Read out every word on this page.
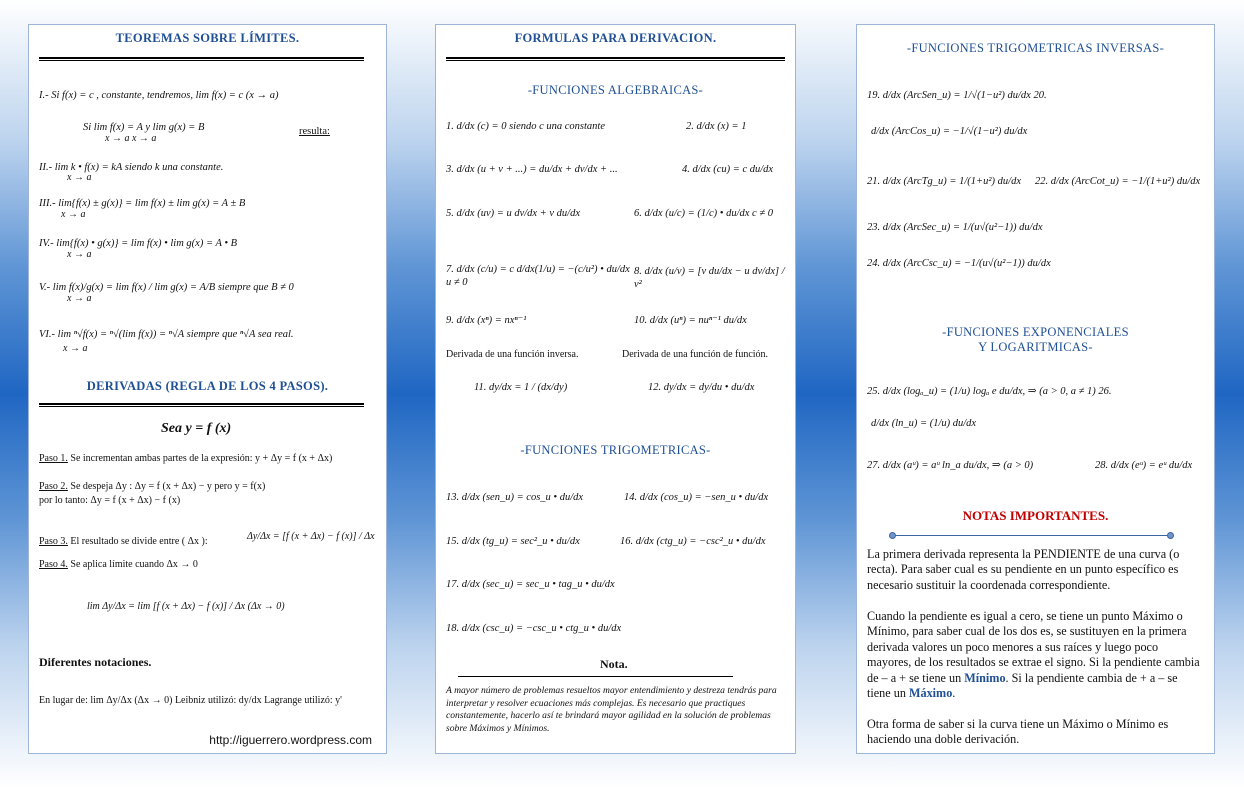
TEOREMAS SOBRE LÍMITES.
I.- Si f(x) = c , constante, tendremos, lim f(x) = c (x → a)
Si lim f(x) = A y lim g(x) = B
x → a x → a
resulta:
II.- lim k • f(x) = kA siendo k una constante.
x → a
III.- lim{f(x) ± g(x)} = lim f(x) ± lim g(x) = A ± B
x → a
IV.- lim{f(x) • g(x)} = lim f(x) • lim g(x) = A • B
x → a
V.- lim f(x)/g(x) = lim f(x) / lim g(x) = A/B siempre que B ≠ 0
x → a
VI.- lim ⁿ√f(x) = ⁿ√(lim f(x)) = ⁿ√A siempre que ⁿ√A sea real.
x → a
DERIVADAS (REGLA DE LOS 4 PASOS).
Sea y = f (x)
Paso 1. Se incrementan ambas partes de la expresión: y + Δy = f (x + Δx)
Paso 2. Se despeja Δy : Δy = f (x + Δx) − y pero y = f(x)
por lo tanto: Δy = f (x + Δx) − f (x)
Paso 3. El resultado se divide entre ( Δx ):	Δy/Δx = [f (x + Δx) − f (x)] / Δx
Paso 4. Se aplica límite cuando Δx → 0
lim Δy/Δx = lim [f (x + Δx) − f (x)] / Δx (Δx → 0)
Diferentes notaciones.
En lugar de: lim Δy/Δx (Δx → 0) Leibniz utilizó: dy/dx Lagrange utilizó: y'
http://iguerrero.wordpress.com
FORMULAS PARA DERIVACION.
-FUNCIONES ALGEBRAICAS-
1. d/dx (c) = 0 siendo c una constante	2. d/dx (x) = 1
3. d/dx (u + v + ...) = du/dx + dv/dx + ...	4. d/dx (cu) = c du/dx
5. d/dx (uv) = u dv/dx + v du/dx	6. d/dx (u/c) = (1/c) • du/dx c ≠ 0
7. d/dx (c/u) = c d/dx(1/u) = −(c/u²) • du/dx u ≠ 0
8. d/dx (u/v) = [v du/dx − u dv/dx] / v²
9. d/dx (xⁿ) = nxⁿ⁻¹	10. d/dx (uⁿ) = nuⁿ⁻¹ du/dx
Derivada de una función inversa.	Derivada de una función de función.
11. dy/dx = 1 / (dx/dy)	12. dy/dx = dy/du • du/dx
-FUNCIONES TRIGOMETRICAS-
13. d/dx (sen_u) = cos_u • du/dx	14. d/dx (cos_u) = −sen_u • du/dx
15. d/dx (tg_u) = sec²_u • du/dx	16. d/dx (ctg_u) = −csc²_u • du/dx
17. d/dx (sec_u) = sec_u • tag_u • du/dx
18. d/dx (csc_u) = −csc_u • ctg_u • du/dx
Nota.
A mayor número de problemas resueltos mayor entendimiento y destreza tendrás para interpretar y resolver ecuaciones más complejas. Es necesario que practiques constantemente, hacerlo así te brindará mayor agilidad en la solución de problemas sobre Máximos y Mínimos.
-FUNCIONES TRIGOMETRICAS INVERSAS-
19. d/dx (ArcSen_u) = 1/√(1−u²) du/dx 20.
d/dx (ArcCos_u) = −1/√(1−u²) du/dx
21. d/dx (ArcTg_u) = 1/(1+u²) du/dx 22. d/dx (ArcCot_u) = −1/(1+u²) du/dx
23. d/dx (ArcSec_u) = 1/(u√(u²−1)) du/dx
24. d/dx (ArcCsc_u) = −1/(u√(u²−1)) du/dx
-FUNCIONES EXPONENCIALES
Y LOGARITMICAS-
25. d/dx (logₐ_u) = (1/u) logₐ e du/dx, ⇒ (a > 0, a ≠ 1) 26.
d/dx (ln_u) = (1/u) du/dx
27. d/dx (aᵘ) = aᵘ ln_a du/dx, ⇒ (a > 0)	28. d/dx (eᵘ) = eᵘ du/dx
NOTAS IMPORTANTES.
La primera derivada representa la PENDIENTE de una curva (o recta). Para saber cual es su pendiente en un punto específico es necesario sustituir la coordenada correspondiente.
Cuando la pendiente es igual a cero, se tiene un punto Máximo o Mínimo, para saber cual de los dos es, se sustituyen en la primera derivada valores un poco menores a sus raíces y luego poco mayores, de los resultados se extrae el signo. Si la pendiente cambia de – a + se tiene un Mínimo. Si la pendiente cambia de + a – se tiene un Máximo.
Otra forma de saber si la curva tiene un Máximo o Mínimo es haciendo una doble derivación.
